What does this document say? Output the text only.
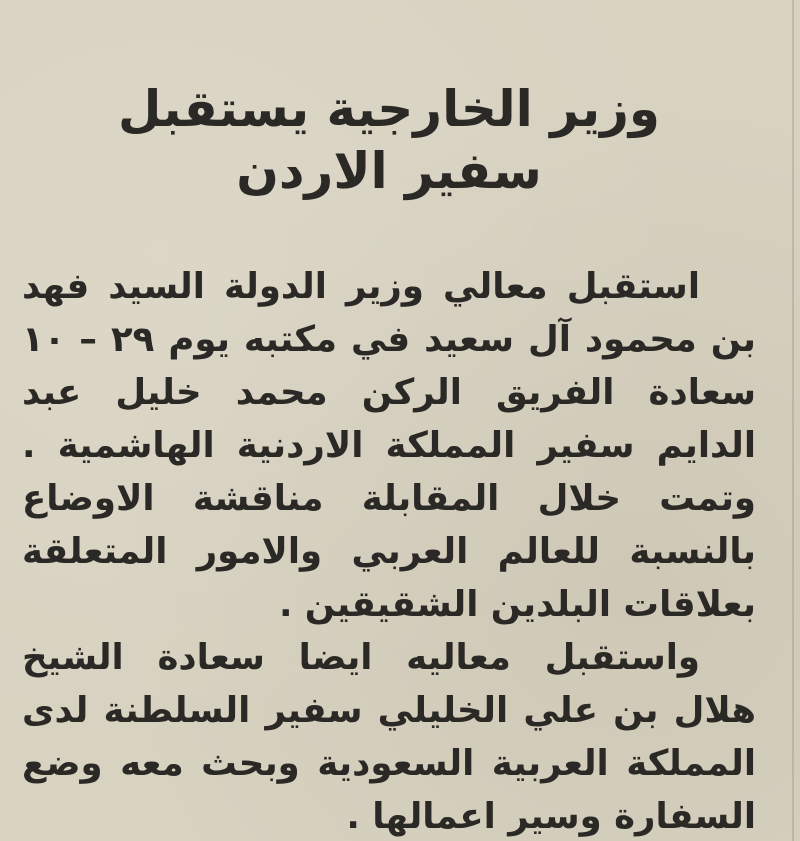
وزير الخارجية يستقبل
سفير الاردن

استقبل معالي وزير الدولة السيد فهد بن محمود آل سعيد في مكتبه يوم ٢٩ – ١٠ سعادة الفريق الركن محمد خليل عبد الدايم سفير المملكة الاردنية الهاشمية . وتمت خلال المقابلة مناقشة الاوضاع بالنسبة للعالم العربي والامور المتعلقة بعلاقات البلدين الشقيقين .

واستقبل معاليه ايضا سعادة الشيخ هلال بن علي الخليلي سفير السلطنة لدى المملكة العربية السعودية وبحث معه وضع السفارة وسير اعمالها .
